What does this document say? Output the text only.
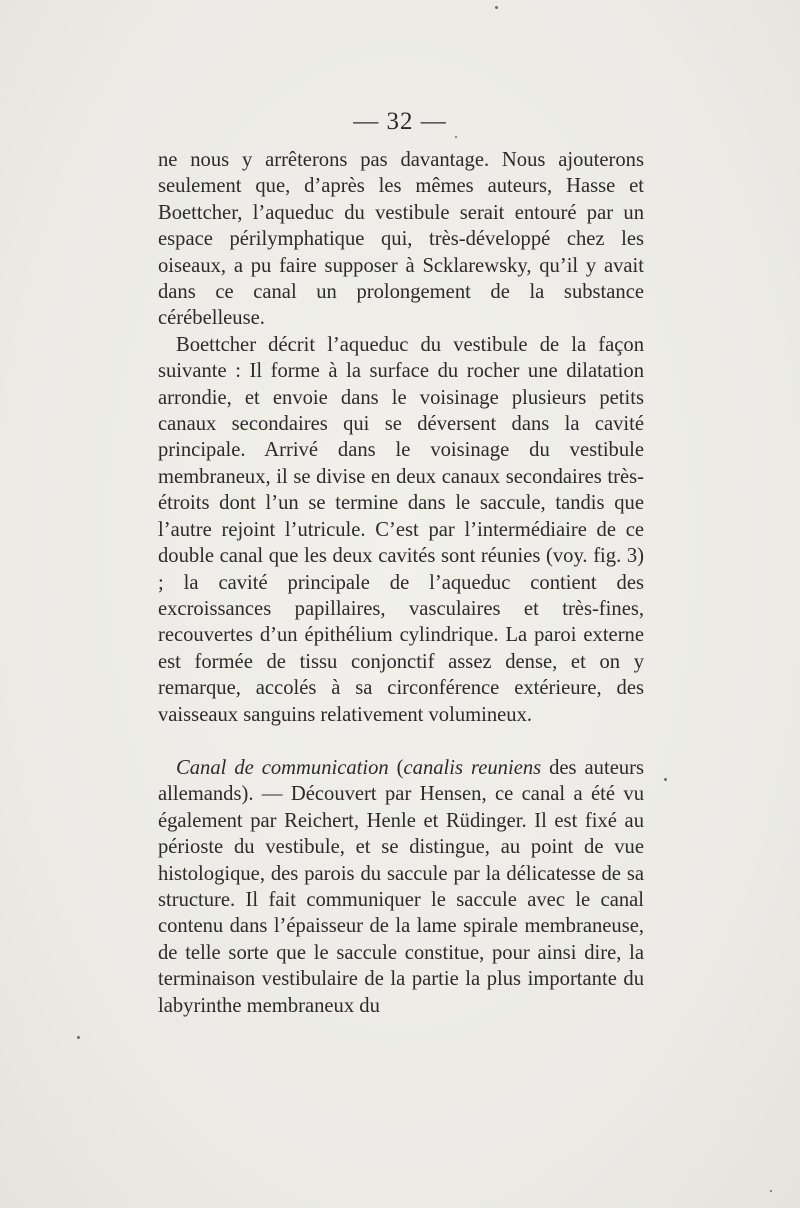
— 32 —

ne nous y arrêterons pas davantage. Nous ajouterons seulement que, d’après les mêmes auteurs, Hasse et Boettcher, l’aqueduc du vestibule serait entouré par un espace périlymphatique qui, très-développé chez les oiseaux, a pu faire supposer à Scklarewsky, qu’il y avait dans ce canal un prolongement de la substance cérébelleuse.

Boettcher décrit l’aqueduc du vestibule de la façon suivante : Il forme à la surface du rocher une dilatation arrondie, et envoie dans le voisinage plusieurs petits canaux secondaires qui se déversent dans la cavité principale. Arrivé dans le voisinage du vestibule membraneux, il se divise en deux canaux secondaires très-étroits dont l’un se termine dans le saccule, tandis que l’autre rejoint l’utricule. C’est par l’intermédiaire de ce double canal que les deux cavités sont réunies (voy. fig. 3) ; la cavité principale de l’aqueduc contient des excroissances papillaires, vasculaires et très-fines, recouvertes d’un épithélium cylindrique. La paroi externe est formée de tissu conjonctif assez dense, et on y remarque, accolés à sa circonférence extérieure, des vaisseaux sanguins relativement volumineux.

Canal de communication (canalis reuniens des auteurs allemands). — Découvert par Hensen, ce canal a été vu également par Reichert, Henle et Rüdinger. Il est fixé au périoste du vestibule, et se distingue, au point de vue histologique, des parois du saccule par la délicatesse de sa structure. Il fait communiquer le saccule avec le canal contenu dans l’épaisseur de la lame spirale membraneuse, de telle sorte que le saccule constitue, pour ainsi dire, la terminaison vestibulaire de la partie la plus importante du labyrinthe membraneux du
